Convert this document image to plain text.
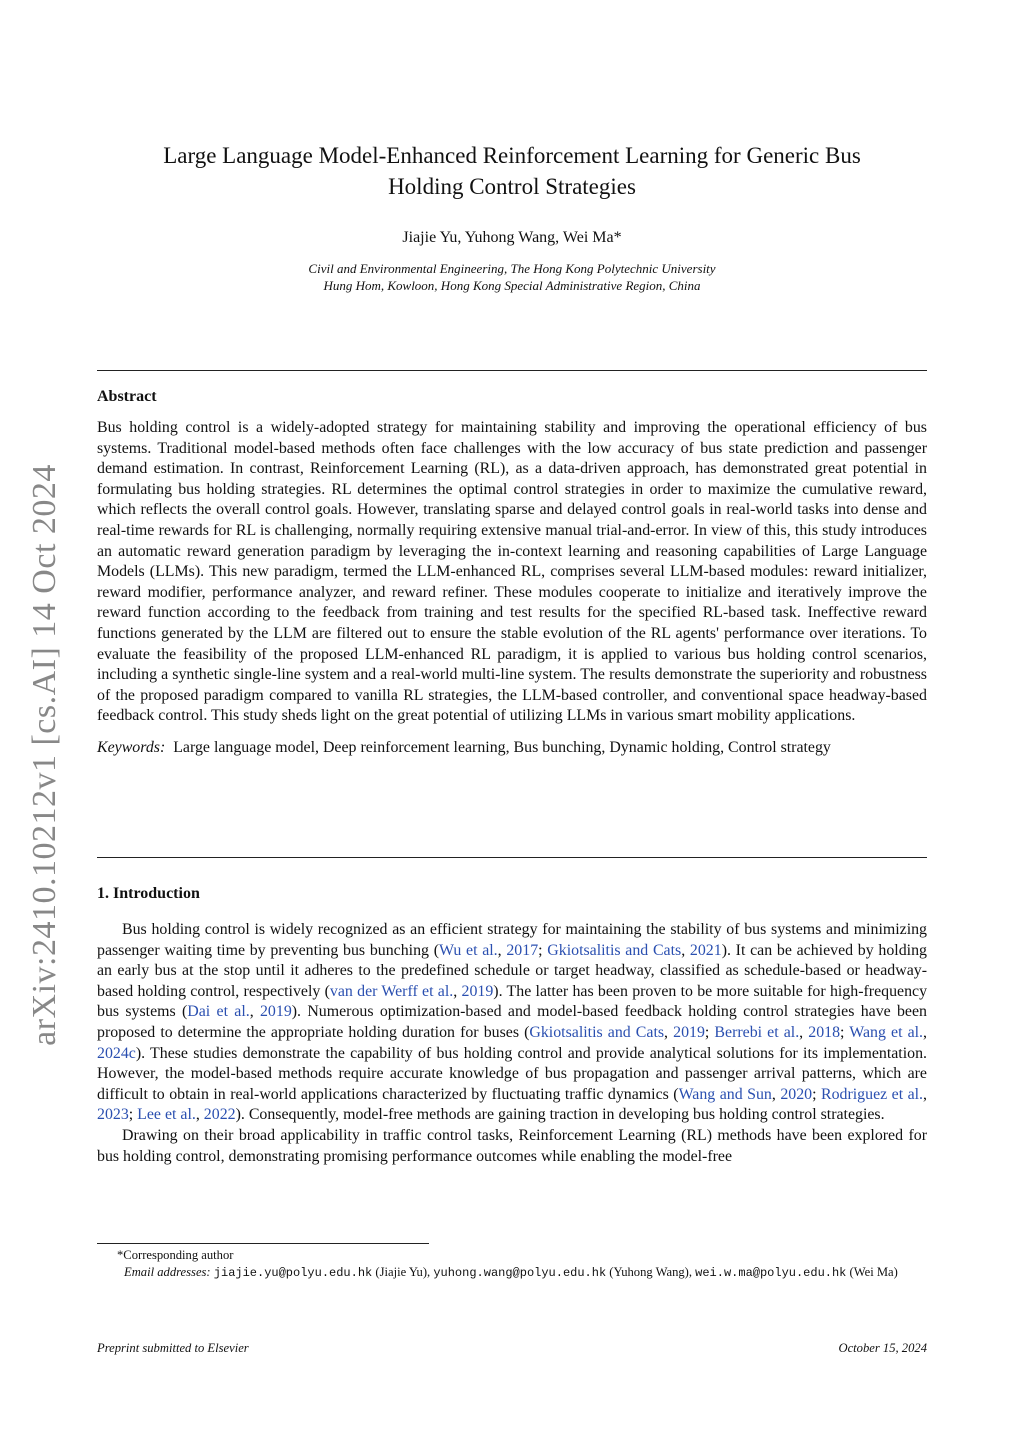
arXiv:2410.10212v1 [cs.AI] 14 Oct 2024
Large Language Model-Enhanced Reinforcement Learning for Generic Bus
Holding Control Strategies
Jiajie Yu, Yuhong Wang, Wei Ma*
Civil and Environmental Engineering, The Hong Kong Polytechnic University
Hung Hom, Kowloon, Hong Kong Special Administrative Region, China
Abstract

Bus holding control is a widely-adopted strategy for maintaining stability and improving the operational efficiency of bus systems. Traditional model-based methods often face challenges with the low accuracy of bus state prediction and passenger demand estimation. In contrast, Reinforcement Learning (RL), as a data-driven approach, has demonstrated great potential in formulating bus holding strategies. RL determines the optimal control strategies in order to maximize the cumulative reward, which reflects the overall control goals. However, translating sparse and delayed control goals in real-world tasks into dense and real-time rewards for RL is challenging, normally requiring extensive manual trial-and-error. In view of this, this study introduces an automatic reward generation paradigm by leveraging the in-context learning and reasoning capabilities of Large Language Models (LLMs). This new paradigm, termed the LLM-enhanced RL, comprises several LLM-based modules: reward initializer, reward modifier, performance analyzer, and reward refiner. These modules cooperate to initialize and iteratively improve the reward function according to the feedback from training and test results for the specified RL-based task. Ineffective reward functions generated by the LLM are filtered out to ensure the stable evolution of the RL agents' performance over iterations. To evaluate the feasibility of the proposed LLM-enhanced RL paradigm, it is applied to various bus holding control scenarios, including a synthetic single-line system and a real-world multi-line system. The results demonstrate the superiority and robustness of the proposed paradigm compared to vanilla RL strategies, the LLM-based controller, and conventional space headway-based feedback control. This study sheds light on the great potential of utilizing LLMs in various smart mobility applications.

Keywords: Large language model, Deep reinforcement learning, Bus bunching, Dynamic holding, Control strategy

1. Introduction

Bus holding control is widely recognized as an efficient strategy for maintaining the stability of bus systems and minimizing passenger waiting time by preventing bus bunching (Wu et al., 2017; Gkiotsalitis and Cats, 2021). It can be achieved by holding an early bus at the stop until it adheres to the predefined schedule or target headway, classified as schedule-based or headway-based holding control, respectively (van der Werff et al., 2019). The latter has been proven to be more suitable for high-frequency bus systems (Dai et al., 2019). Numerous optimization-based and model-based feedback holding control strategies have been proposed to determine the appropriate holding duration for buses (Gkiotsalitis and Cats, 2019; Berrebi et al., 2018; Wang et al., 2024c). These studies demonstrate the capability of bus holding control and provide analytical solutions for its implementation. However, the model-based methods require accurate knowledge of bus propagation and passenger arrival patterns, which are difficult to obtain in real-world applications characterized by fluctuating traffic dynamics (Wang and Sun, 2020; Rodriguez et al., 2023; Lee et al., 2022). Consequently, model-free methods are gaining traction in developing bus holding control strategies.

Drawing on their broad applicability in traffic control tasks, Reinforcement Learning (RL) methods have been explored for bus holding control, demonstrating promising performance outcomes while enabling the model-free

*Corresponding author
Email addresses: jiajie.yu@polyu.edu.hk (Jiajie Yu), yuhong.wang@polyu.edu.hk (Yuhong Wang), wei.w.ma@polyu.edu.hk (Wei Ma)
Preprint submitted to Elsevier	October 15, 2024
